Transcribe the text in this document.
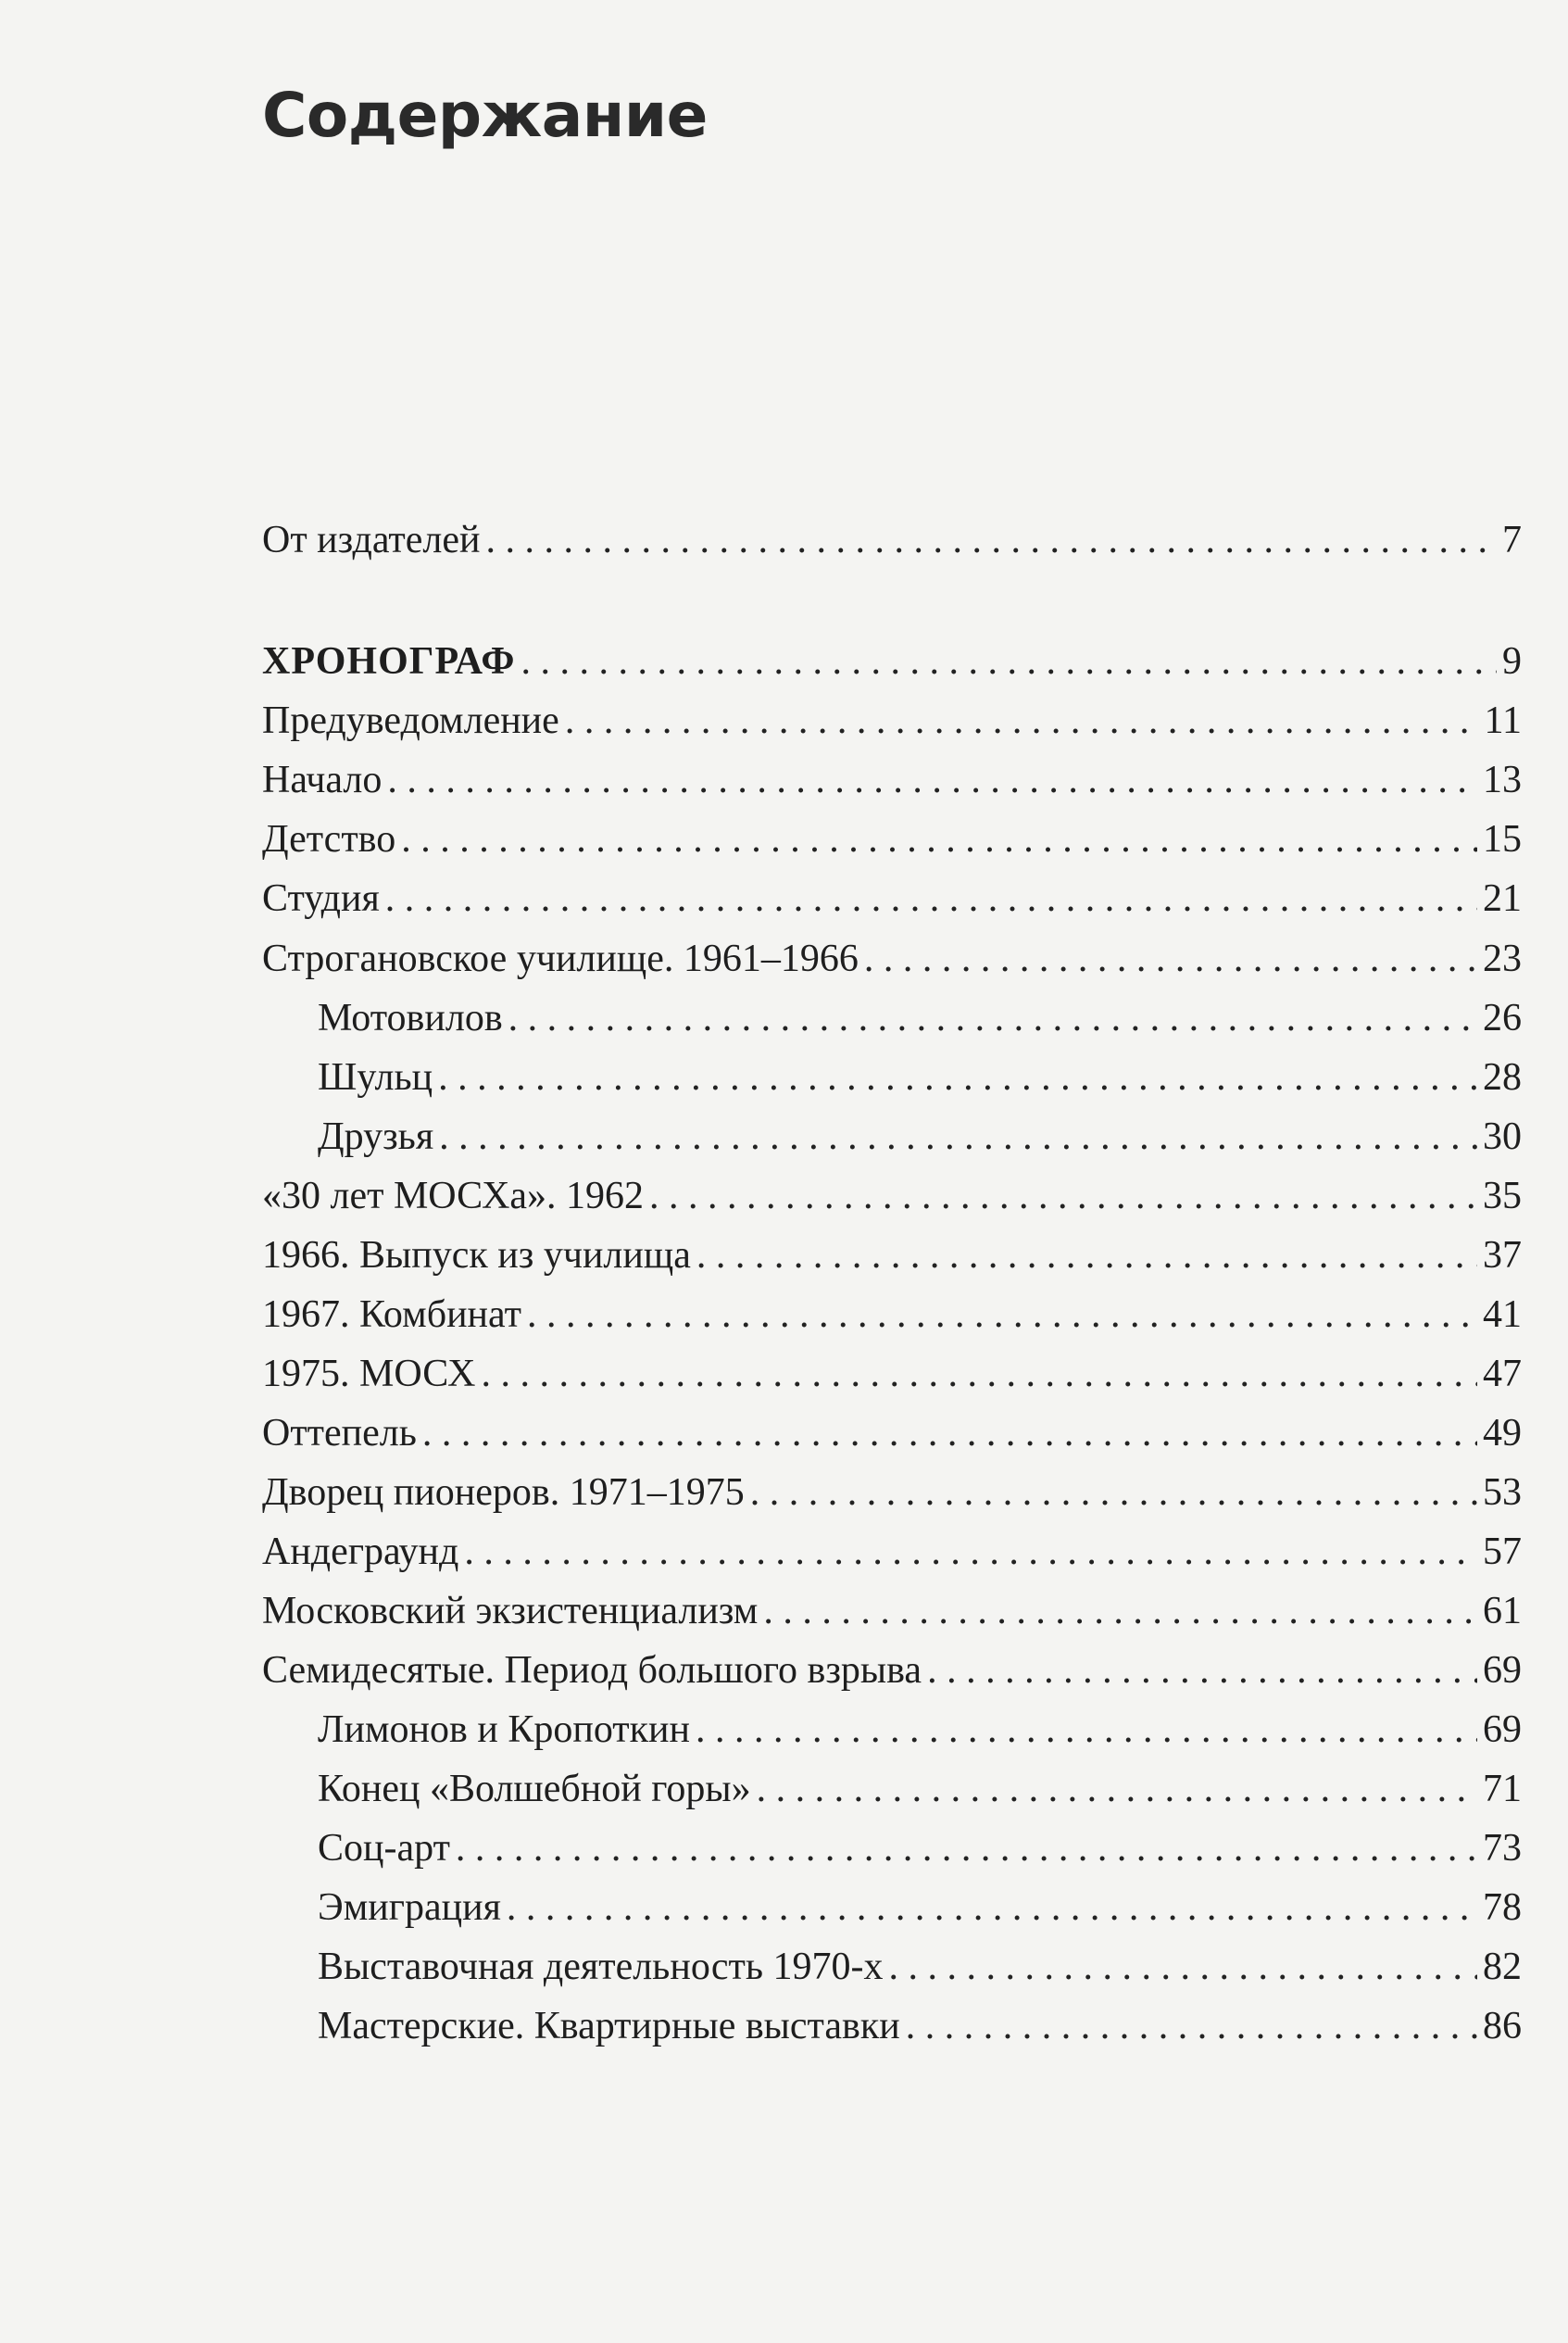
Содержание
От издателей . . .	7
ХРОНОГРАФ . . .	9
Предуведомление . . .	11
Начало . . .	13
Детство . . .	15
Студия . . .	21
Строгановское училище. 1961–1966 . . .	23
Мотовилов . . .	26
Шульц . . .	28
Друзья . . .	30
«30 лет МОСХа». 1962 . . .	35
1966. Выпуск из училища . . .	37
1967. Комбинат . . .	41
1975. МОСХ . . .	47
Оттепель . . .	49
Дворец пионеров. 1971–1975 . . .	53
Андеграунд . . .	57
Московский экзистенциализм . . .	61
Семидесятые. Период большого взрыва . . .	69
Лимонов и Кропоткин . . .	69
Конец «Волшебной горы» . . .	71
Соц-арт . . .	73
Эмиграция . . .	78
Выставочная деятельность 1970-х . . .	82
Мастерские. Квартирные выставки . . .	86
